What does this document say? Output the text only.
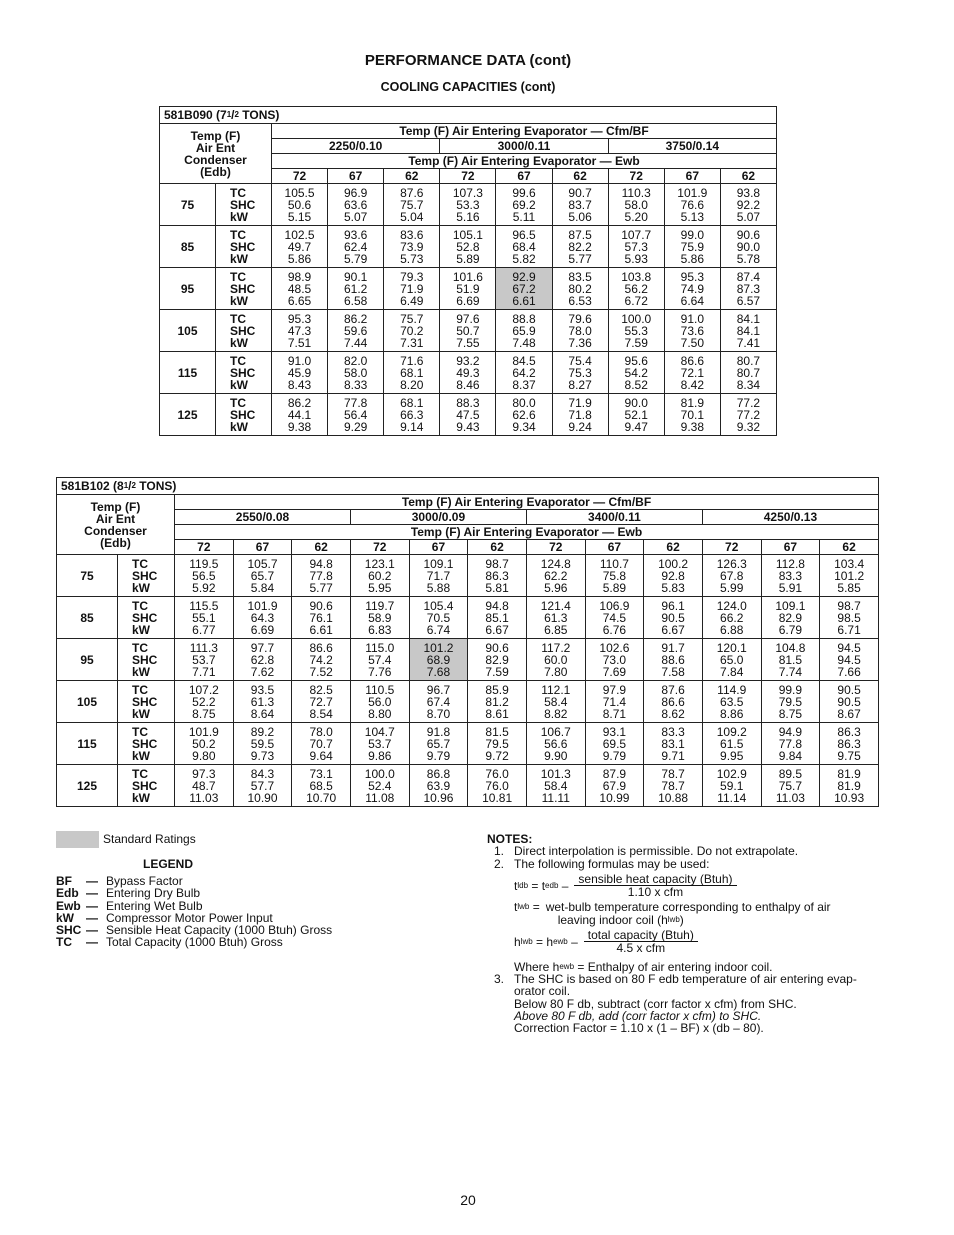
PERFORMANCE DATA (cont)
COOLING CAPACITIES (cont)
581B090 ($7^1/2$ TONS)										
Temp (F)
Air Ent
Condenser
(Edb)		Temp (F) Air Entering Evaporator — Cfm/BF								
		2250/0.10			3000/0.11			3750/0.14		
		Temp (F) Air Entering Evaporator — Ewb								
		72	67	62	72	67	62	72	67	62
75	TC
SHC
kW	105.5
50.6
5.15	96.9
63.6
5.07	87.6
75.7
5.04	107.3
53.3
5.16	99.6
69.2
5.11	90.7
83.7
5.06	110.3
58.0
5.20	101.9
76.6
5.13	93.8
92.2
5.07
85	TC
SHC
kW	102.5
49.7
5.86	93.6
62.4
5.79	83.6
73.9
5.73	105.1
52.8
5.89	96.5
68.4
5.82	87.5
82.2
5.77	107.7
57.3
5.93	99.0
75.9
5.86	90.6
90.0
5.78
95	TC
SHC
kW	98.9
48.5
6.65	90.1
61.2
6.58	79.3
71.9
6.49	101.6
51.9
6.69	92.9
67.2
6.61	83.5
80.2
6.53	103.8
56.2
6.72	95.3
74.9
6.64	87.4
87.3
6.57
105	TC
SHC
kW	95.3
47.3
7.51	86.2
59.6
7.44	75.7
70.2
7.31	97.6
50.7
7.55	88.8
65.9
7.48	79.6
78.0
7.36	100.0
55.3
7.59	91.0
73.6
7.50	84.1
84.1
7.41
115	TC
SHC
kW	91.0
45.9
8.43	82.0
58.0
8.33	71.6
68.1
8.20	93.2
49.3
8.46	84.5
64.2
8.37	75.4
75.3
8.27	95.6
54.2
8.52	86.6
72.1
8.42	80.7
80.7
8.34
125	TC
SHC
kW	86.2
44.1
9.38	77.8
56.4
9.29	68.1
66.3
9.14	88.3
47.5
9.43	80.0
62.6
9.34	71.9
71.8
9.24	90.0
52.1
9.47	81.9
70.1
9.38	77.2
77.2
9.32
581B102 ($8^1/2$ TONS)													
Temp (F)
Air Ent
Condenser
(Edb)		Temp (F) Air Entering Evaporator — Cfm/BF											
		2550/0.08			3000/0.09			3400/0.11			4250/0.13		
		Temp (F) Air Entering Evaporator — Ewb											
		72	67	62	72	67	62	72	67	62	72	67	62
75	TC
SHC
kW	119.5
56.5
5.92	105.7
65.7
5.84	94.8
77.8
5.77	123.1
60.2
5.95	109.1
71.7
5.88	98.7
86.3
5.81	124.8
62.2
5.96	110.7
75.8
5.89	100.2
92.8
5.83	126.3
67.8
5.99	112.8
83.3
5.91	103.4
101.2
5.85
85	TC
SHC
kW	115.5
55.1
6.77	101.9
64.3
6.69	90.6
76.1
6.61	119.7
58.9
6.83	105.4
70.5
6.74	94.8
85.1
6.67	121.4
61.3
6.85	106.9
74.5
6.76	96.1
90.5
6.67	124.0
66.2
6.88	109.1
82.9
6.79	98.7
98.5
6.71
95	TC
SHC
kW	111.3
53.7
7.71	97.7
62.8
7.62	86.6
74.2
7.52	115.0
57.4
7.76	101.2
68.9
7.68	90.6
82.9
7.59	117.2
60.0
7.80	102.6
73.0
7.69	91.7
88.6
7.58	120.1
65.0
7.84	104.8
81.5
7.74	94.5
94.5
7.66
105	TC
SHC
kW	107.2
52.2
8.75	93.5
61.3
8.64	82.5
72.7
8.54	110.5
56.0
8.80	96.7
67.4
8.70	85.9
81.2
8.61	112.1
58.4
8.82	97.9
71.4
8.71	87.6
86.6
8.62	114.9
63.5
8.86	99.9
79.5
8.75	90.5
90.5
8.67
115	TC
SHC
kW	101.9
50.2
9.80	89.2
59.5
9.73	78.0
70.7
9.64	104.7
53.7
9.86	91.8
65.7
9.79	81.5
79.5
9.72	106.7
56.6
9.90	93.1
69.5
9.79	83.3
83.1
9.71	109.2
61.5
9.95	94.9
77.8
9.84	86.3
86.3
9.75
125	TC
SHC
kW	97.3
48.7
11.03	84.3
57.7
10.90	73.1
68.5
10.70	100.0
52.4
11.08	86.8
63.9
10.96	76.0
76.0
10.81	101.3
58.4
11.11	87.9
67.9
10.99	78.7
78.7
10.88	102.9
59.1
11.14	89.5
75.7
11.03	81.9
81.9
10.93
Standard Ratings
LEGEND
BF	— Bypass Factor
Edb — Entering Dry Bulb
Ewb — Entering Wet Bulb
kW	— Compressor Motor Power Input
SHC — Sensible Heat Capacity (1000 Btuh) Gross
TC	— Total Capacity (1000 Btuh) Gross
NOTES:
1. Direct interpolation is permissible. Do not extrapolate.
2. The following formulas may be used:
tldb = tedb – $\frac{\text{sensible heat capacity (Btuh)}}{\text{1.10 x cfm}}$
tlwb = wet-bulb temperature corresponding to enthalpy of air
leaving indoor coil (hlwb)
hlwb = hewb – $\frac{\text{total capacity (Btuh)}}{\text{4.5 x cfm}}$
Where hewb = Enthalpy of air entering indoor coil.
3. The SHC is based on 80 F edb temperature of air entering evap-
orator coil.
Below 80 F db, subtract (corr factor x cfm) from SHC.
Above 80 F db, add (corr factor x cfm) to SHC.
Correction Factor = 1.10 x (1 – BF) x (db – 80).
20
